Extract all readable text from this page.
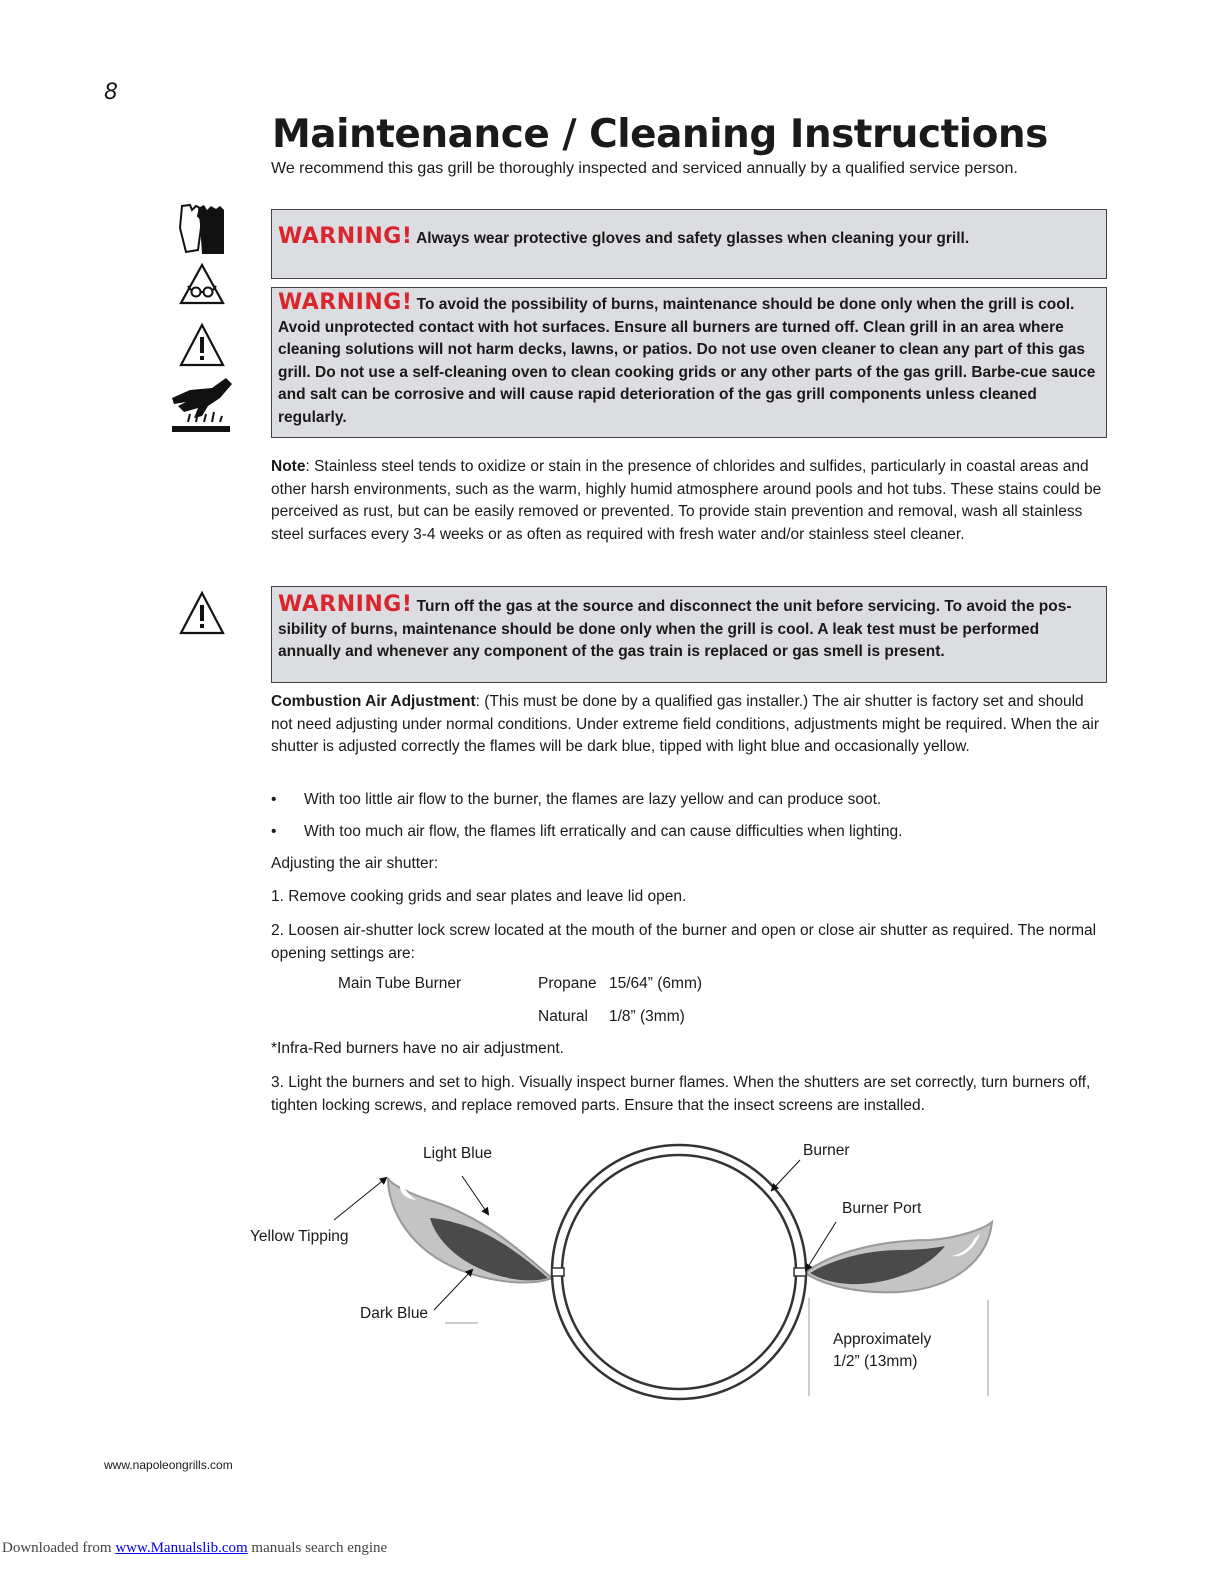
8
Maintenance / Cleaning Instructions
We recommend this gas grill be thoroughly inspected and serviced annually by a qualified service person.
WARNING! Always wear protective gloves and safety glasses when cleaning your grill.
WARNING! To avoid the possibility of burns, maintenance should be done only when the grill is cool. Avoid unprotected contact with hot surfaces. Ensure all burners are turned off. Clean grill in an area where cleaning solutions will not harm decks, lawns, or patios. Do not use oven cleaner to clean any part of this gas grill. Do not use a self-cleaning oven to clean cooking grids or any other parts of the gas grill. Barbe-cue sauce and salt can be corrosive and will cause rapid deterioration of the gas grill components unless cleaned regularly.
Note: Stainless steel tends to oxidize or stain in the presence of chlorides and sulfides, particularly in coastal areas and other harsh environments, such as the warm, highly humid atmosphere around pools and hot tubs. These stains could be perceived as rust, but can be easily removed or prevented. To provide stain prevention and removal, wash all stainless steel surfaces every 3-4 weeks or as often as required with fresh water and/or stainless steel cleaner.
WARNING! Turn off the gas at the source and disconnect the unit before servicing. To avoid the pos-sibility of burns, maintenance should be done only when the grill is cool. A leak test must be performed annually and whenever any component of the gas train is replaced or gas smell is present.
Combustion Air Adjustment: (This must be done by a qualified gas installer.) The air shutter is factory set and should not need adjusting under normal conditions. Under extreme field conditions, adjustments might be required. When the air shutter is adjusted correctly the flames will be dark blue, tipped with light blue and occasionally yellow.
• With too little air flow to the burner, the flames are lazy yellow and can produce soot.
• With too much air flow, the flames lift erratically and can cause difficulties when lighting.
Adjusting the air shutter:
1. Remove cooking grids and sear plates and leave lid open.
2. Loosen air-shutter lock screw located at the mouth of the burner and open or close air shutter as required. The normal opening settings are:
Main Tube Burner	Propane 15/64” (6mm)
Natural 1/8” (3mm)
*Infra-Red burners have no air adjustment.
3. Light the burners and set to high. Visually inspect burner flames. When the shutters are set correctly, turn burners off, tighten locking screws, and replace removed parts. Ensure that the insect screens are installed.
Light Blue	Burner
Burner Port
Yellow Tipping
Dark Blue
Approximately
1/2” (13mm)
www.napoleongrills.com
Downloaded from www.Manualslib.com manuals search engine
